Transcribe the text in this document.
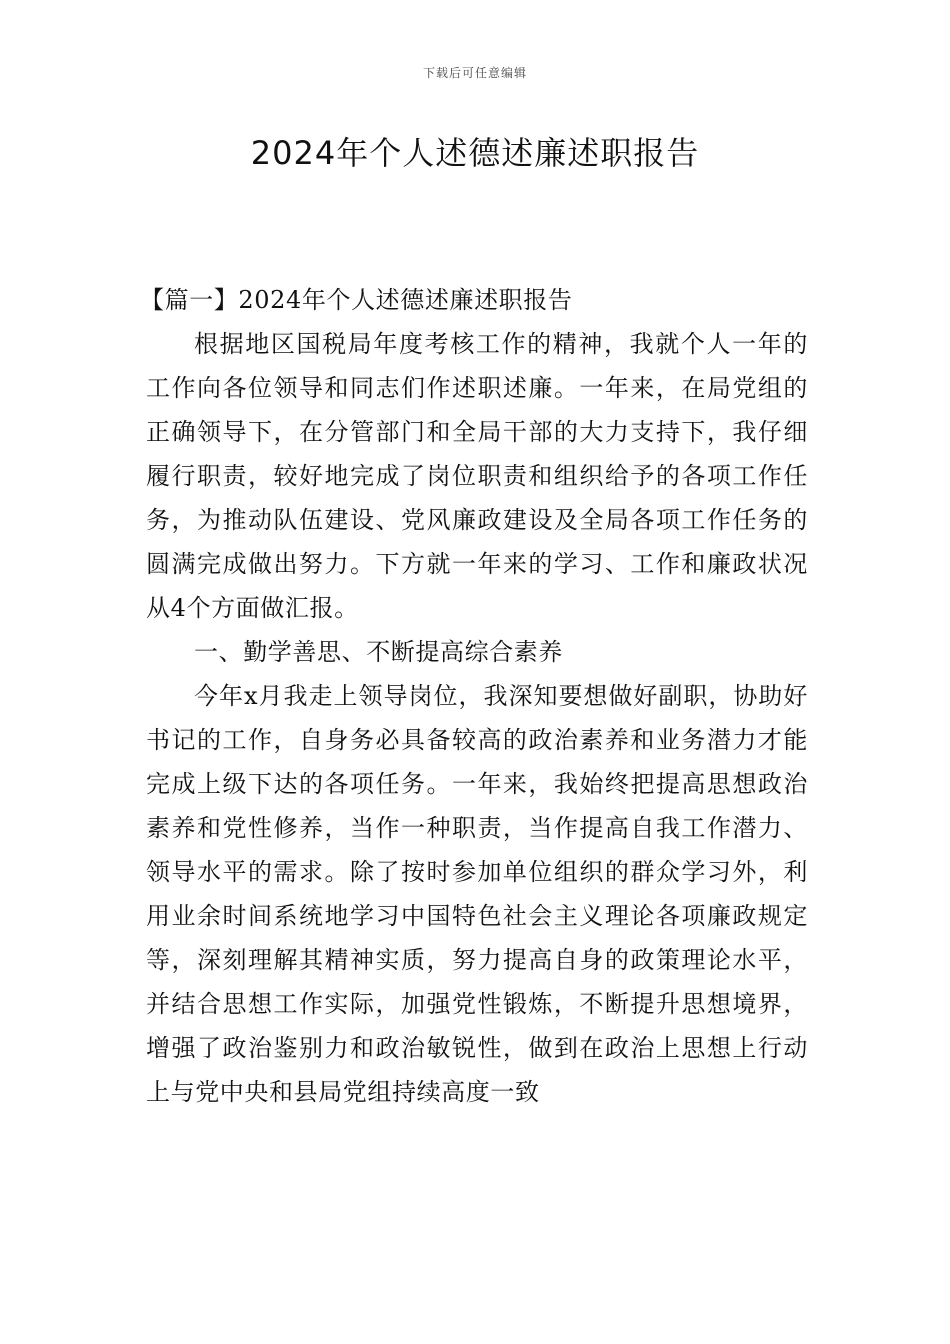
下载后可任意编辑
2024年个人述德述廉述职报告

【篇一】2024年个人述德述廉述职报告

根据地区国税局年度考核工作的精神，我就个人一年的工作向各位领导和同志们作述职述廉。一年来，在局党组的正确领导下，在分管部门和全局干部的大力支持下，我仔细履行职责，较好地完成了岗位职责和组织给予的各项工作任务，为推动队伍建设、党风廉政建设及全局各项工作任务的圆满完成做出努力。下方就一年来的学习、工作和廉政状况从4个方面做汇报。

一、勤学善思、不断提高综合素养

今年x月我走上领导岗位，我深知要想做好副职，协助好书记的工作，自身务必具备较高的政治素养和业务潜力才能完成上级下达的各项任务。一年来，我始终把提高思想政治素养和党性修养，当作一种职责，当作提高自我工作潜力、领导水平的需求。除了按时参加单位组织的群众学习外，利用业余时间系统地学习中国特色社会主义理论各项廉政规定等，深刻理解其精神实质，努力提高自身的政策理论水平，并结合思想工作实际，加强党性锻炼，不断提升思想境界，增强了政治鉴别力和政治敏锐性，做到在政治上思想上行动上与党中央和县局党组持续高度一致
